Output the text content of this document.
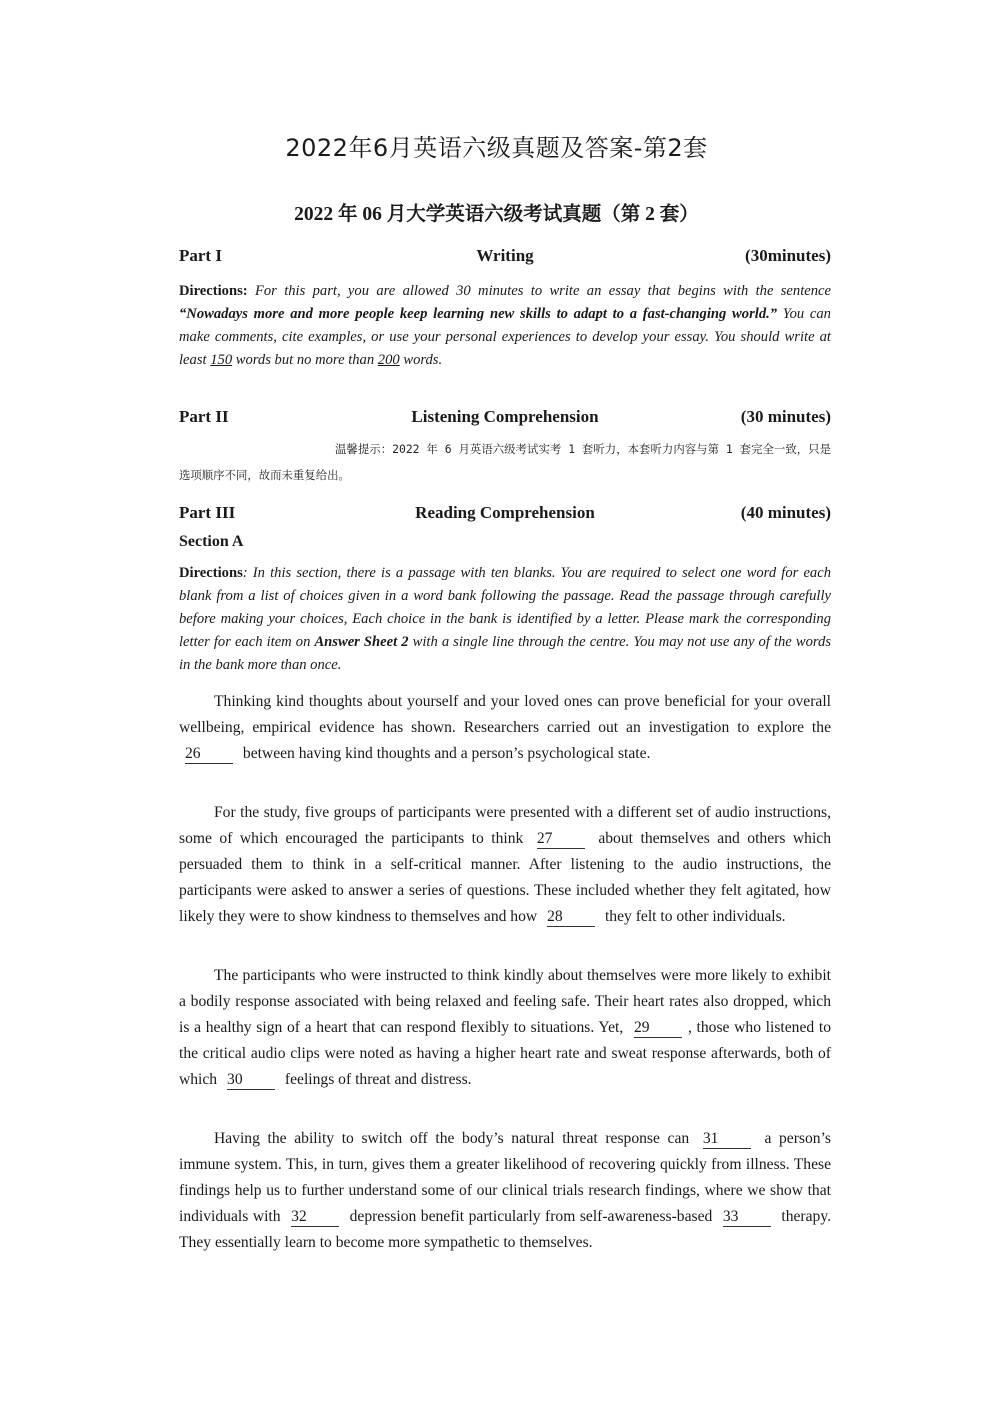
2022年6月英语六级真题及答案-第2套
2022 年 06 月大学英语六级考试真题（第 2 套）
Part I	Writing	(30minutes)
Directions: For this part, you are allowed 30 minutes to write an essay that begins with the sentence “Nowadays more and more people keep learning new skills to adapt to a fast-changing world.” You can make comments, cite examples, or use your personal experiences to develop your essay. You should write at least 150 words but no more than 200 words.
Part II	Listening Comprehension	(30 minutes)
温馨提示：2022 年 6 月英语六级考试实考 1 套听力，本套听力内容与第 1 套完全一致，只是选项顺序不同，故而未重复给出。
Part III	Reading Comprehension	(40 minutes)
Section A
Directions: In this section, there is a passage with ten blanks. You are required to select one word for each blank from a list of choices given in a word bank following the passage. Read the passage through carefully before making your choices, Each choice in the bank is identified by a letter. Please mark the corresponding letter for each item on Answer Sheet 2 with a single line through the centre. You may not use any of the words in the bank more than once.
Thinking kind thoughts about yourself and your loved ones can prove beneficial for your overall wellbeing, empirical evidence has shown. Researchers carried out an investigation to explore the 26 between having kind thoughts and a person’s psychological state.
For the study, five groups of participants were presented with a different set of audio instructions, some of which encouraged the participants to think 27 about themselves and others which persuaded them to think in a self-critical manner. After listening to the audio instructions, the participants were asked to answer a series of questions. These included whether they felt agitated, how likely they were to show kindness to themselves and how 28 they felt to other individuals.
The participants who were instructed to think kindly about themselves were more likely to exhibit a bodily response associated with being relaxed and feeling safe. Their heart rates also dropped, which is a healthy sign of a heart that can respond flexibly to situations. Yet, 29 , those who listened to the critical audio clips were noted as having a higher heart rate and sweat response afterwards, both of which 30 feelings of threat and distress.
Having the ability to switch off the body’s natural threat response can 31 a person’s immune system. This, in turn, gives them a greater likelihood of recovering quickly from illness. These findings help us to further understand some of our clinical trials research findings, where we show that individuals with 32 depression benefit particularly from self-awareness-based 33 therapy. They essentially learn to become more sympathetic to themselves.
